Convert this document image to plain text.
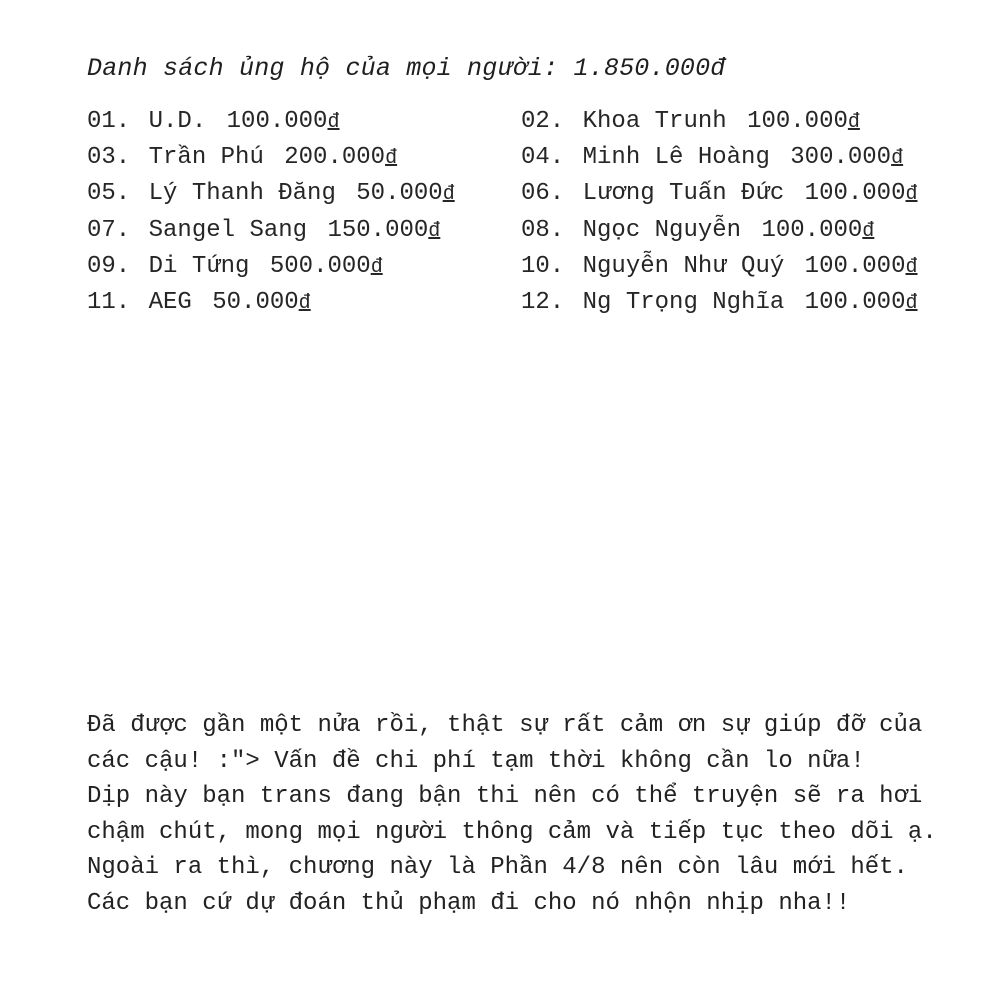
Danh sách ủng hộ của mọi người: 1.850.000đ
01. U.D. 100.000đ
03. Trần Phú 200.000đ
05. Lý Thanh Đăng 50.000đ
07. Sangel Sang 150.000đ
09. Di Tứng 500.000đ
11. AEG 50.000đ
02. Khoa Trunh 100.000đ
04. Minh Lê Hoàng 300.000đ
06. Lương Tuấn Đức 100.000đ
08. Ngọc Nguyễn 100.000đ
10. Nguyễn Như Quý 100.000đ
12. Ng Trọng Nghĩa 100.000đ
Đã được gần một nửa rồi, thật sự rất cảm ơn sự giúp đỡ của
các cậu! :"> Vấn đề chi phí tạm thời không cần lo nữa!
Dịp này bạn trans đang bận thi nên có thể truyện sẽ ra hơi
chậm chút, mong mọi người thông cảm và tiếp tục theo dõi ạ.
Ngoài ra thì, chương này là Phần 4/8 nên còn lâu mới hết.
Các bạn cứ dự đoán thủ phạm đi cho nó nhộn nhịp nha!!
